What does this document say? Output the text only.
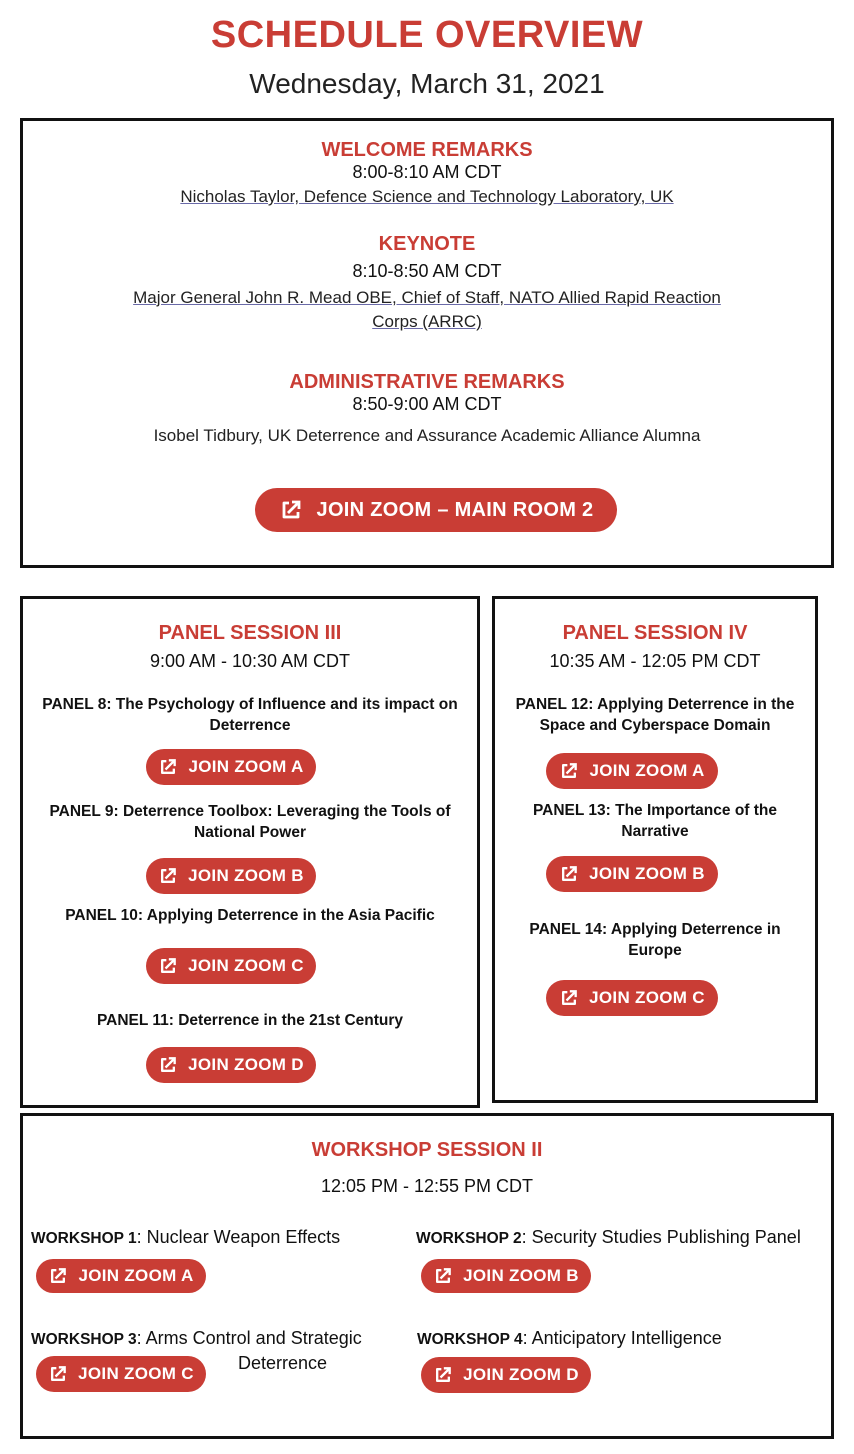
SCHEDULE OVERVIEW
Wednesday, March 31, 2021
WELCOME REMARKS
8:00-8:10 AM CDT
Nicholas Taylor, Defence Science and Technology Laboratory, UK
KEYNOTE
8:10-8:50 AM CDT
Major General John R. Mead OBE, Chief of Staff, NATO Allied Rapid Reaction
Corps (ARRC)
ADMINISTRATIVE REMARKS
8:50-9:00 AM CDT
Isobel Tidbury, UK Deterrence and Assurance Academic Alliance Alumna
JOIN ZOOM – MAIN ROOM 2
PANEL SESSION III
9:00 AM - 10:30 AM CDT
PANEL 8: The Psychology of Influence and its impact on
Deterrence
JOIN ZOOM A
PANEL 9: Deterrence Toolbox: Leveraging the Tools of
National Power
JOIN ZOOM B
PANEL 10: Applying Deterrence in the Asia Pacific
JOIN ZOOM C
PANEL 11: Deterrence in the 21st Century
JOIN ZOOM D
PANEL SESSION IV
10:35 AM - 12:05 PM CDT
PANEL 12: Applying Deterrence in the
Space and Cyberspace Domain
JOIN ZOOM A
PANEL 13: The Importance of the
Narrative
JOIN ZOOM B
PANEL 14: Applying Deterrence in
Europe
JOIN ZOOM C
WORKSHOP SESSION II
12:05 PM - 12:55 PM CDT
WORKSHOP 1: Nuclear Weapon Effects
JOIN ZOOM A
WORKSHOP 2: Security Studies Publishing Panel
JOIN ZOOM B
WORKSHOP 3: Arms Control and Strategic
Deterrence
JOIN ZOOM C
WORKSHOP 4: Anticipatory Intelligence
JOIN ZOOM D
